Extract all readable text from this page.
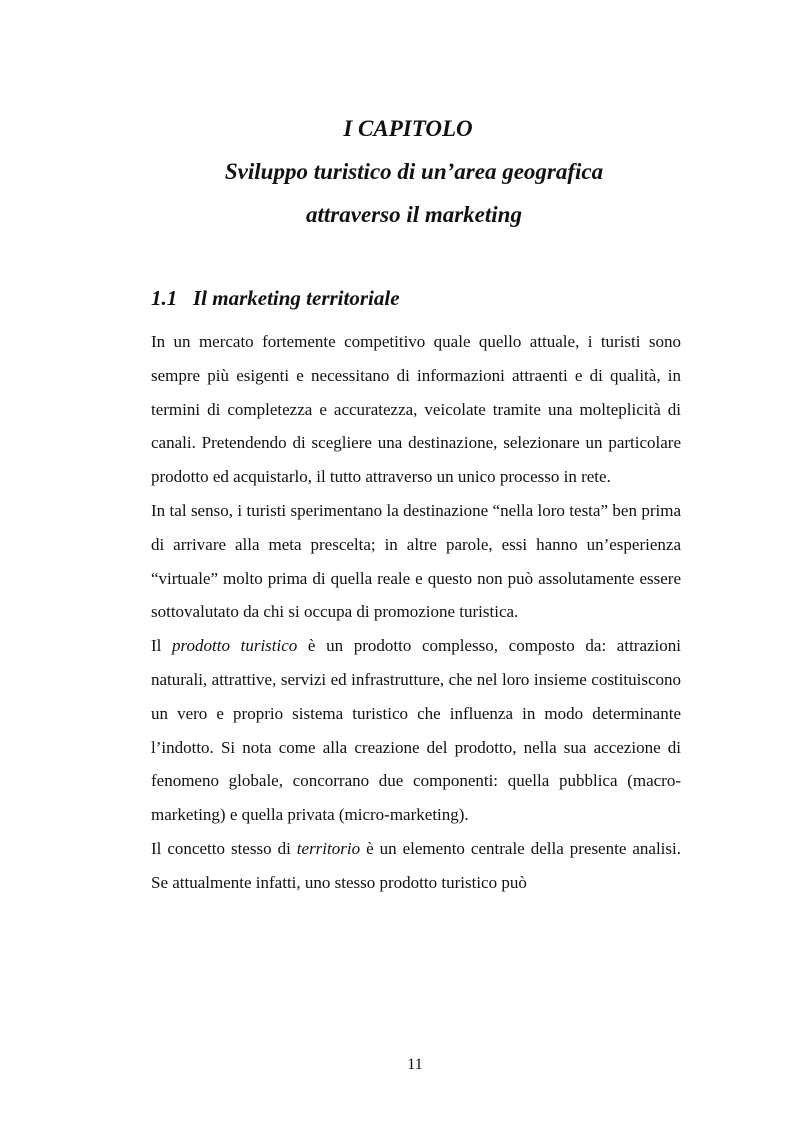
I CAPITOLO
Sviluppo turistico di un’area geografica
attraverso il marketing
1.1 Il marketing territoriale

In un mercato fortemente competitivo quale quello attuale, i turisti sono sempre più esigenti e necessitano di informazioni attraenti e di qualità, in termini di completezza e accuratezza, veicolate tramite una molteplicità di canali. Pretendendo di scegliere una destinazione, selezionare un particolare prodotto ed acquistarlo, il tutto attraverso un unico processo in rete.

In tal senso, i turisti sperimentano la destinazione “nella loro testa” ben prima di arrivare alla meta prescelta; in altre parole, essi hanno un’esperienza “virtuale” molto prima di quella reale e questo non può assolutamente essere sottovalutato da chi si occupa di promozione turistica.

Il prodotto turistico è un prodotto complesso, composto da: attrazioni naturali, attrattive, servizi ed infrastrutture, che nel loro insieme costituiscono un vero e proprio sistema turistico che influenza in modo determinante l’indotto. Si nota come alla creazione del prodotto, nella sua accezione di fenomeno globale, concorrano due componenti: quella pubblica (macro-marketing) e quella privata (micro-marketing).

Il concetto stesso di territorio è un elemento centrale della presente analisi. Se attualmente infatti, uno stesso prodotto turistico può

11
